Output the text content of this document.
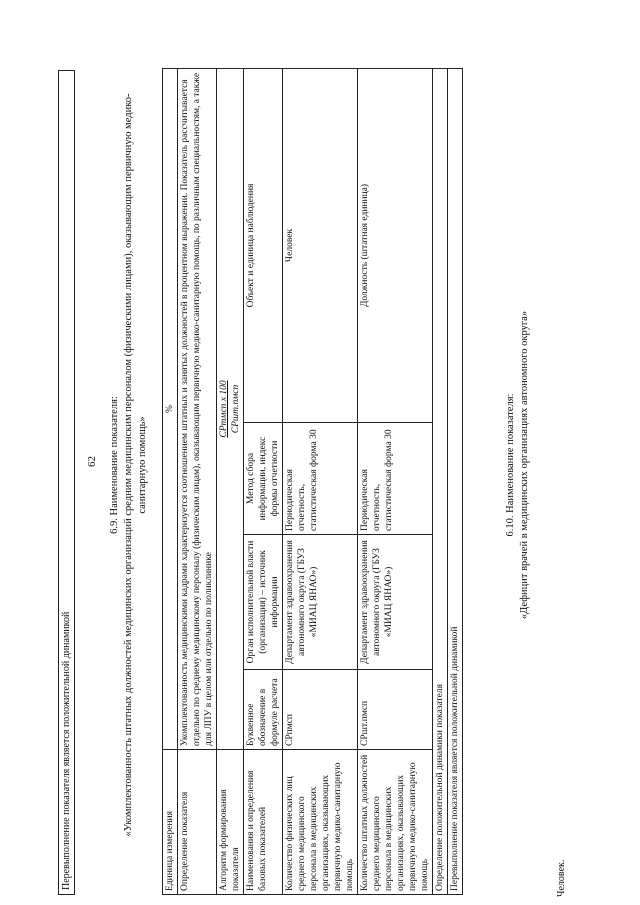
62
Перевыполнение показателя является положительной динамикой
6.9. Наименование показателя: «Укомплектованность штатных должностей медицинских организаций средним медицинским персоналом (физическими лицами), оказывающим первичную медико-санитарную помощь»
Единица измерения	%			
Определение показателя	Укомплектованность медицинскими кадрами характеризуется соотношением штатных и занятых должностей в процентном выражении. Показатель рассчитывается отдельно по среднему медицинскому персоналу (физическим лицам), оказывающим первичную медико-санитарную помощь, по различным специальностям, а также для ЛПУ в целом или отдельно по поликлинике			
Алгоритм формирования показателя	СРтмсп х 100 СРшт.пмсп			

Наименования и определения базовых показателей	Буквенное обозначение в формуле расчета	Орган исполнительной власти (организация) – источник информации	Метод сбора информации, индекс формы отчетности	Объект и единица наблюдения
Количество физических лиц среднего медицинского персонала в медицинских организациях, оказывающих первичную медико-санитарную помощь	СРпмсп	Департамент здравоохранения автономного округа (ГБУЗ «МИАЦ ЯНАО»)	Периодическая отчетность, статистическая форма 30	Человек
Количество штатных должностей среднего медицинского персонала в медицинских организациях, оказывающих первичную медико-санитарную помощь	СРшт.пмсп	Департамент здравоохранения автономного округа (ГБУЗ «МИАЦ ЯНАО»)	Периодическая отчетность, статистическая форма 30	Должность (штатная единица)
Определение положительной динамики показателя				
Перевыполнение показателя является положительной динамикой				
6.10. Наименование показателя: «Дефицит врачей в медицинских организациях автономного округа»
Человек.
